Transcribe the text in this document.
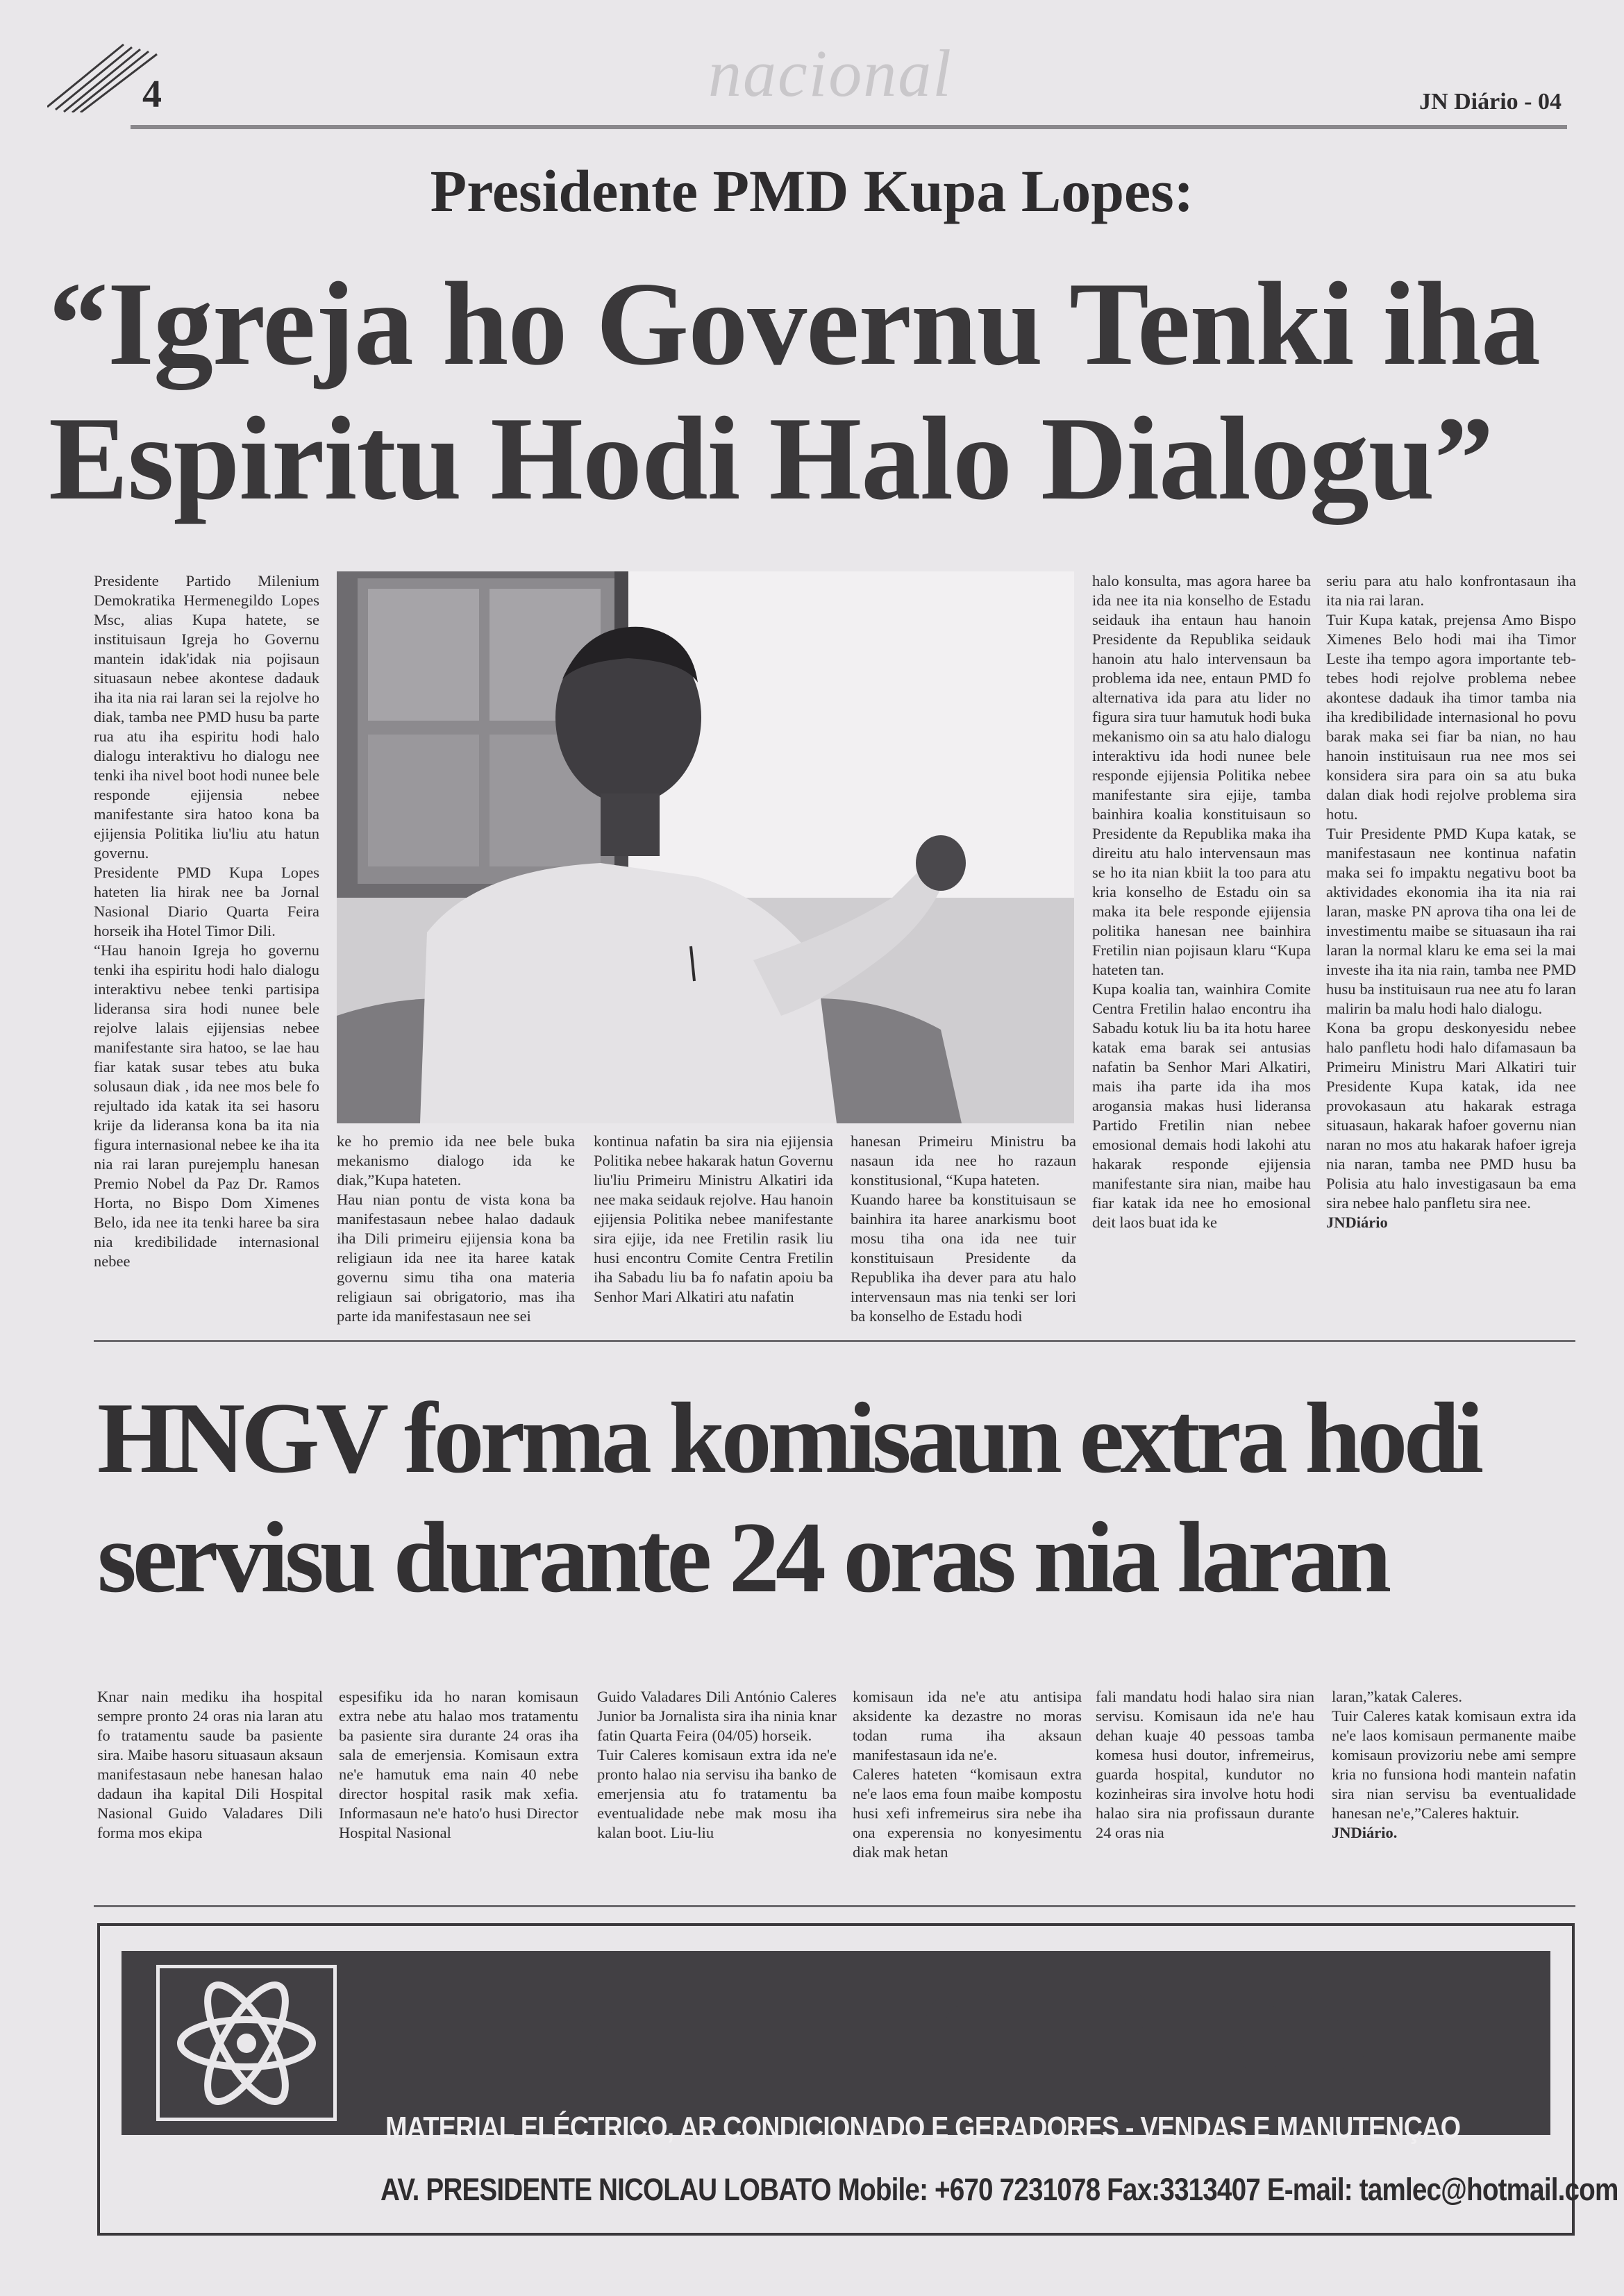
4	nacional	JN Diário - 04
Presidente PMD Kupa Lopes:
“Igreja ho Governu Tenki iha
Espiritu Hodi Halo Dialogu”

Presidente Partido Milenium Demokratika Hermenegildo Lopes Msc, alias Kupa hatete, se instituisaun Igreja ho Governu mantein idak'idak nia pojisaun situasaun nebee akontese dadauk iha ita nia rai laran sei la rejolve ho diak, tamba nee PMD husu ba parte rua atu iha espiritu hodi halo dialogu interaktivu ho dialogu nee tenki iha nivel boot hodi nunee bele responde ejijensia nebee manifestante sira hatoo kona ba ejijensia Politika liu'liu atu hatun governu.

Presidente PMD Kupa Lopes hateten lia hirak nee ba Jornal Nasional Diario Quarta Feira horseik iha Hotel Timor Dili.

“Hau hanoin Igreja ho governu tenki iha espiritu hodi halo dialogu interaktivu nebee tenki partisipa lideransa sira hodi nunee bele rejolve lalais ejijensias nebee manifestante sira hatoo, se lae hau fiar katak susar tebes atu buka solusaun diak , ida nee mos bele fo rejultado ida katak ita sei hasoru krije da lideransa kona ba ita nia figura internasional nebee ke iha ita nia rai laran purejemplu hanesan Premio Nobel da Paz Dr. Ramos Horta, no Bispo Dom Ximenes Belo, ida nee ita tenki haree ba sira nia kredibilidade internasional nebee

ke ho premio ida nee bele buka mekanismo dialogo ida ke diak,”Kupa hateten.

Hau nian pontu de vista kona ba manifestasaun nebee halao dadauk iha Dili primeiru ejijensia kona ba religiaun ida nee ita haree katak governu simu tiha ona materia religiaun sai obrigatorio, mas iha parte ida manifestasaun nee sei

kontinua nafatin ba sira nia ejijensia Politika nebee hakarak hatun Governu liu'liu Primeiru Ministru Alkatiri ida nee maka seidauk rejolve. Hau hanoin ejijensia Politika nebee manifestante sira ejije, ida nee Fretilin rasik liu husi encontru Comite Centra Fretilin iha Sabadu liu ba fo nafatin apoiu ba Senhor Mari Alkatiri atu nafatin

hanesan Primeiru Ministru ba nasaun ida nee ho razaun konstitusional, “Kupa hateten.

Kuando haree ba konstituisaun se bainhira ita haree anarkismu boot mosu tiha ona ida nee tuir konstituisaun Presidente da Republika iha dever para atu halo intervensaun mas nia tenki ser lori ba konselho de Estadu hodi

halo konsulta, mas agora haree ba ida nee ita nia konselho de Estadu seidauk iha entaun hau hanoin Presidente da Republika seidauk hanoin atu halo intervensaun ba problema ida nee, entaun PMD fo alternativa ida para atu lider no figura sira tuur hamutuk hodi buka mekanismo oin sa atu halo dialogu interaktivu ida hodi nunee bele responde ejijensia Politika nebee manifestante sira ejije, tamba bainhira koalia konstituisaun so Presidente da Republika maka iha direitu atu halo intervensaun mas se ho ita nian kbiit la too para atu kria konselho de Estadu oin sa maka ita bele responde ejijensia politika hanesan nee bainhira Fretilin nian pojisaun klaru “Kupa hateten tan.

Kupa koalia tan, wainhira Comite Centra Fretilin halao encontru iha Sabadu kotuk liu ba ita hotu haree katak ema barak sei antusias nafatin ba Senhor Mari Alkatiri, mais iha parte ida iha mos arogansia makas husi lideransa Partido Fretilin nian nebee emosional demais hodi lakohi atu hakarak responde ejijensia manifestante sira nian, maibe hau fiar katak ida nee ho emosional deit laos buat ida ke

seriu para atu halo konfrontasaun iha ita nia rai laran.

Tuir Kupa katak, prejensa Amo Bispo Ximenes Belo hodi mai iha Timor Leste iha tempo agora importante teb-tebes hodi rejolve problema nebee akontese dadauk iha timor tamba nia iha kredibilidade internasional ho povu barak maka sei fiar ba nian, no hau hanoin instituisaun rua nee mos sei konsidera sira para oin sa atu buka dalan diak hodi rejolve problema sira hotu.

Tuir Presidente PMD Kupa katak, se manifestasaun nee kontinua nafatin maka sei fo impaktu negativu boot ba aktividades ekonomia iha ita nia rai laran, maske PN aprova tiha ona lei de investimentu maibe se situasaun iha rai laran la normal klaru ke ema sei la mai investe iha ita nia rain, tamba nee PMD husu ba instituisaun rua nee atu fo laran malirin ba malu hodi halo dialogu.

Kona ba gropu deskonyesidu nebee halo panfletu hodi halo difamasaun ba Primeiru Ministru Mari Alkatiri tuir Presidente Kupa katak, ida nee provokasaun atu hakarak estraga situasaun, hakarak hafoer governu nian naran no mos atu hakarak hafoer igreja nia naran, tamba nee PMD husu ba Polisia atu halo investigasaun ba ema sira nebee halo panfletu sira nee.

JNDiário

HNGV forma komisaun extra hodi
servisu durante 24 oras nia laran

Knar nain mediku iha hospital sempre pronto 24 oras nia laran atu fo tratamentu saude ba pasiente sira. Maibe hasoru situasaun aksaun manifestasaun nebe hanesan halao dadaun iha kapital Dili Hospital Nasional Guido Valadares Dili forma mos ekipa

espesifiku ida ho naran komisaun extra nebe atu halao mos tratamentu ba pasiente sira durante 24 oras iha sala de emerjensia. Komisaun extra ne'e hamutuk ema nain 40 nebe director hospital rasik mak xefia. Informasaun ne'e hato'o husi Director Hospital Nasional

Guido Valadares Dili António Caleres Junior ba Jornalista sira iha ninia knar fatin Quarta Feira (04/05) horseik.

Tuir Caleres komisaun extra ida ne'e pronto halao nia servisu iha banko de emerjensia atu fo tratamentu ba eventualidade nebe mak mosu iha kalan boot. Liu-liu

komisaun ida ne'e atu antisipa aksidente ka dezastre no moras todan ruma iha aksaun manifestasaun ida ne'e.

Caleres hateten “komisaun extra ne'e laos ema foun maibe kompostu husi xefi infremeirus sira nebe iha ona experensia no konyesimentu diak mak hetan

fali mandatu hodi halao sira nian servisu. Komisaun ida ne'e hau dehan kuaje 40 pessoas tamba komesa husi doutor, infremeirus, guarda hospital, kundutor no kozinheiras sira involve hotu hodi halao sira nia profissaun durante 24 oras nia

laran,”katak Caleres.

Tuir Caleres katak komisaun extra ida ne'e laos komisaun permanente maibe komisaun provizoriu nebe ami sempre kria no funsiona hodi mantein nafatin sira nian servisu ba eventualidade hanesan ne'e,”Caleres haktuir.

JNDiário.

TAM ELECTRICS
MATERIAL ELÉCTRICO, AR CONDICIONADO E GERADORES - VENDAS E MANUTENÇAO
AV. PRESIDENTE NICOLAU LOBATO Mobile: +670 7231078 Fax:3313407 E-mail: tamlec@hotmail.com
